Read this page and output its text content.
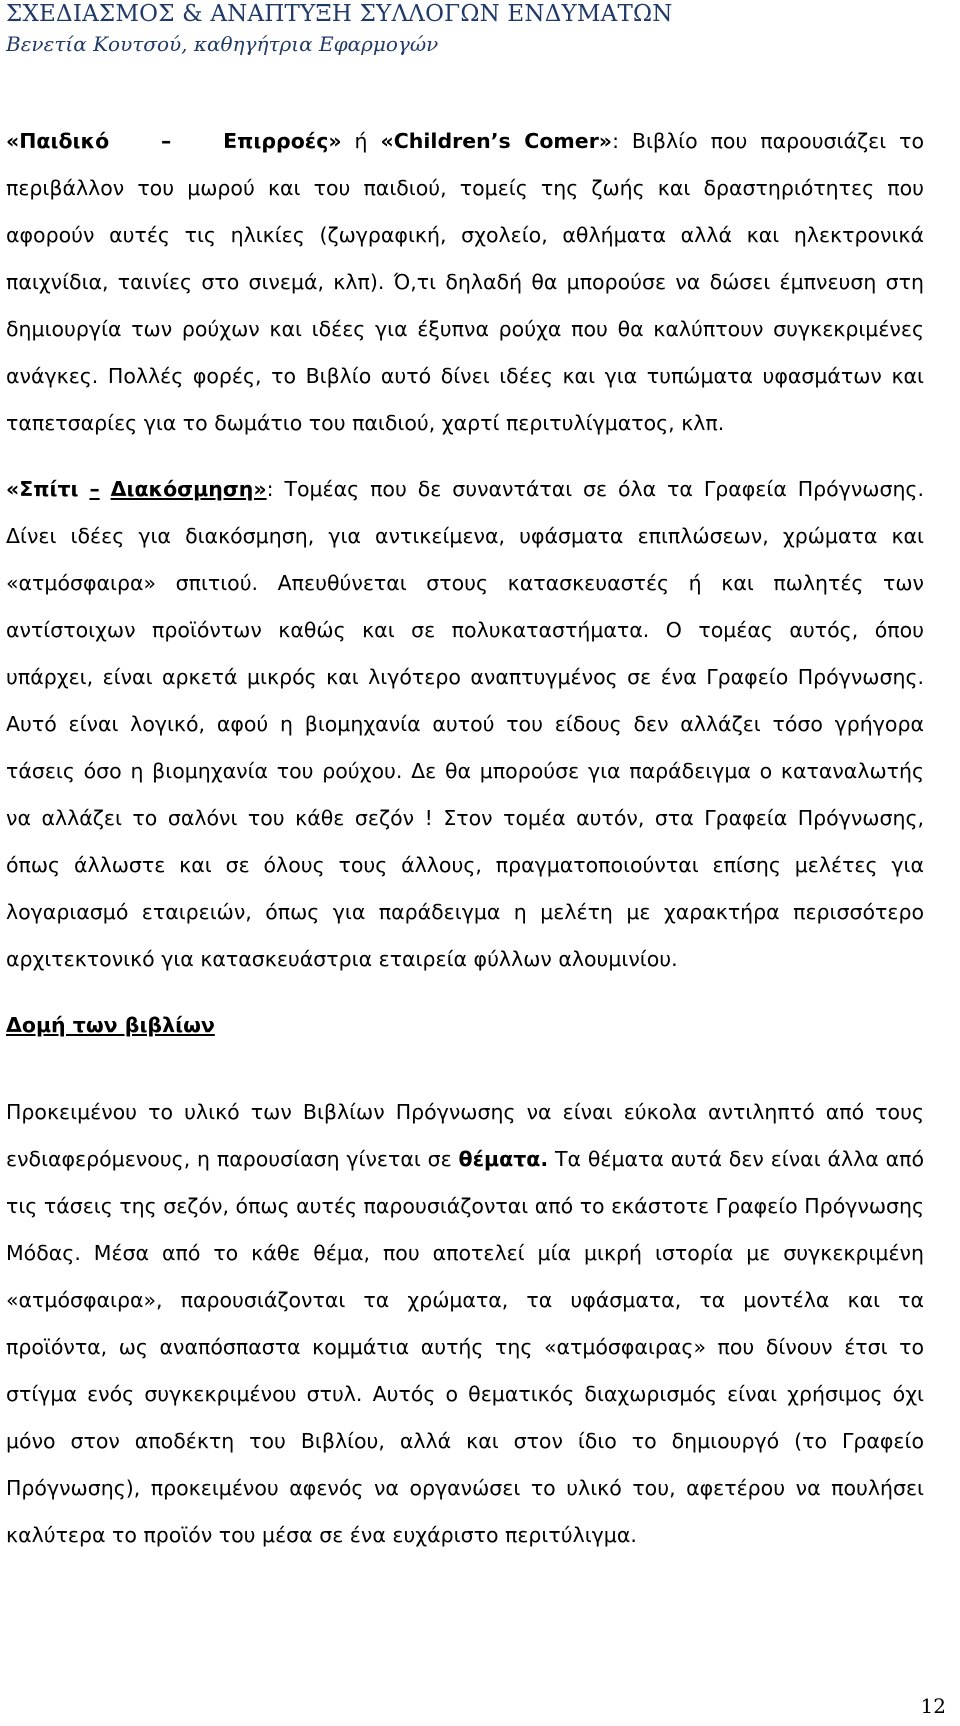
ΣΧΕΔΙΑΣΜΟΣ & ΑΝΑΠΤΥΞΗ ΣΥΛΛΟΓΩΝ ΕΝΔΥΜΑΤΩΝ
Βενετία Κουτσού, καθηγήτρια Εφαρμογών

«Παιδικό	–	Επιρροές» ή «Children’s Comer»: Βιβλίο που παρουσιάζει το περιβάλλον του μωρού και του παιδιού, τομείς της ζωής και δραστηριότητες που αφορούν αυτές τις ηλικίες (ζωγραφική, σχολείο, αθλήματα αλλά και ηλεκτρονικά παιχνίδια, ταινίες στο σινεμά, κλπ). Ό,τι δηλαδή θα μπορούσε να δώσει έμπνευση στη δημιουργία των ρούχων και ιδέες για έξυπνα ρούχα που θα καλύπτουν συγκεκριμένες ανάγκες. Πολλές φορές, το Βιβλίο αυτό δίνει ιδέες και για τυπώματα υφασμάτων και ταπετσαρίες για το δωμάτιο του παιδιού, χαρτί περιτυλίγματος, κλπ.

«Σπίτι – Διακόσμηση»: Τομέας που δε συναντάται σε όλα τα Γραφεία Πρόγνωσης. Δίνει ιδέες για διακόσμηση, για αντικείμενα, υφάσματα επιπλώσεων, χρώματα και «ατμόσφαιρα» σπιτιού. Απευθύνεται στους κατασκευαστές ή και πωλητές των αντίστοιχων προϊόντων καθώς και σε πολυκαταστήματα. Ο τομέας αυτός, όπου υπάρχει, είναι αρκετά μικρός και λιγότερο αναπτυγμένος σε ένα Γραφείο Πρόγνωσης. Αυτό είναι λογικό, αφού η βιομηχανία αυτού του είδους δεν αλλάζει τόσο γρήγορα τάσεις όσο η βιομηχανία του ρούχου. Δε θα μπορούσε για παράδειγμα ο καταναλωτής να αλλάζει το σαλόνι του κάθε σεζόν ! Στον τομέα αυτόν, στα Γραφεία Πρόγνωσης, όπως άλλωστε και σε όλους τους άλλους, πραγματοποιούνται επίσης μελέτες για λογαριασμό εταιρειών, όπως για παράδειγμα η μελέτη με χαρακτήρα περισσότερο αρχιτεκτονικό για κατασκευάστρια εταιρεία φύλλων αλουμινίου.

Δομή των βιβλίων

Προκειμένου το υλικό των Βιβλίων Πρόγνωσης να είναι εύκολα αντιληπτό από τους ενδιαφερόμενους, η παρουσίαση γίνεται σε θέματα. Τα θέματα αυτά δεν είναι άλλα από τις τάσεις της σεζόν, όπως αυτές παρουσιάζονται από το εκάστοτε Γραφείο Πρόγνωσης Μόδας. Μέσα από το κάθε θέμα, που αποτελεί μία μικρή ιστορία με συγκεκριμένη «ατμόσφαιρα», παρουσιάζονται τα χρώματα, τα υφάσματα, τα μοντέλα και τα προϊόντα, ως αναπόσπαστα κομμάτια αυτής της «ατμόσφαιρας» που δίνουν έτσι το στίγμα ενός συγκεκριμένου στυλ. Αυτός ο θεματικός διαχωρισμός είναι χρήσιμος όχι μόνο στον αποδέκτη του Βιβλίου, αλλά και στον ίδιο το δημιουργό (το Γραφείο Πρόγνωσης), προκειμένου αφενός να οργανώσει το υλικό του, αφετέρου να πουλήσει καλύτερα το προϊόν του μέσα σε ένα ευχάριστο περιτύλιγμα.

12
